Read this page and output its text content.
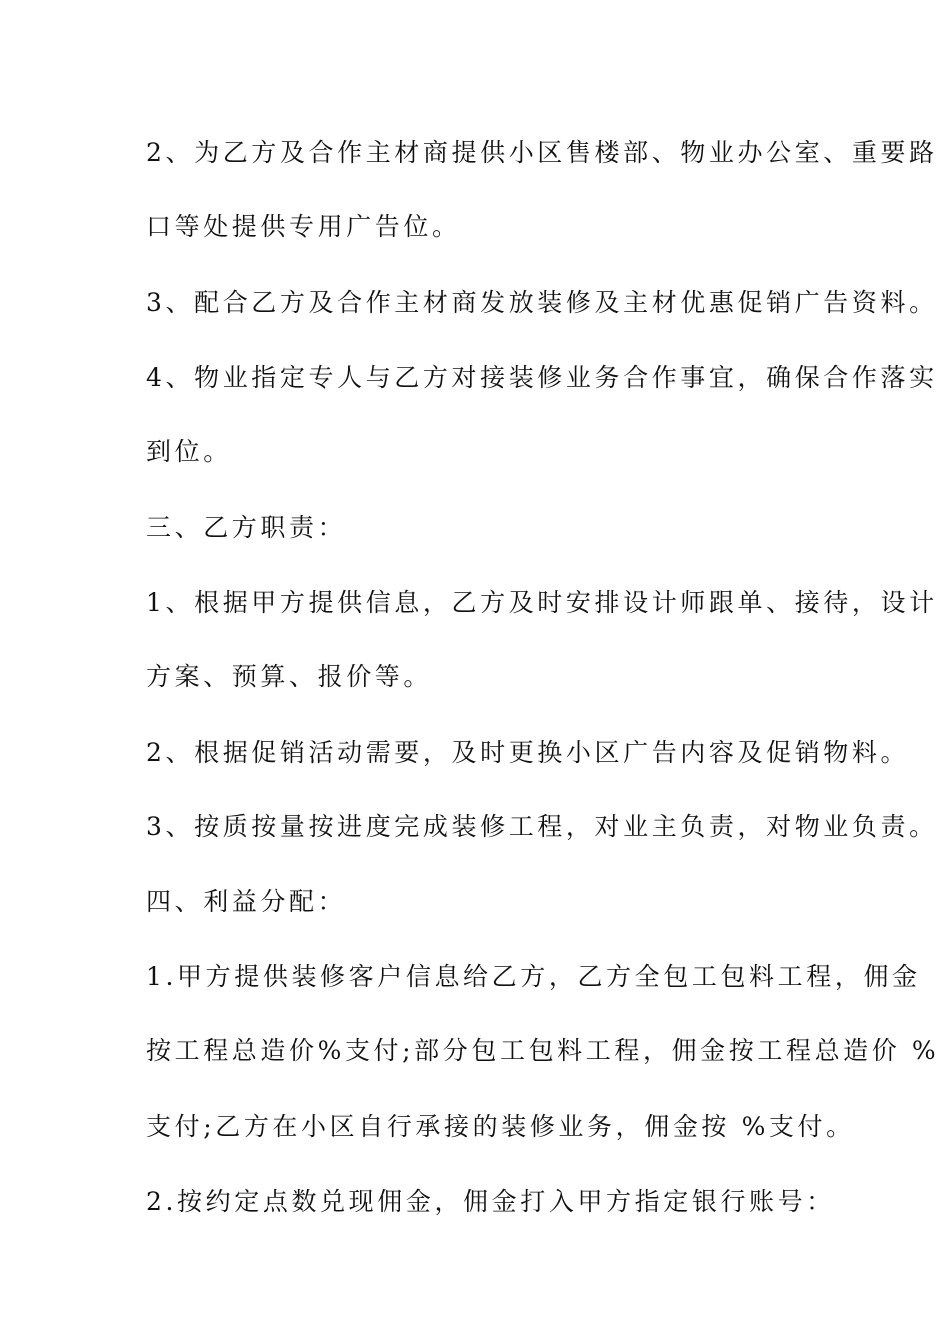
2、为乙方及合作主材商提供小区售楼部、物业办公室、重要路
口等处提供专用广告位。
3、配合乙方及合作主材商发放装修及主材优惠促销广告资料。
4、物业指定专人与乙方对接装修业务合作事宜，确保合作落实
到位。
三、乙方职责：
1、根据甲方提供信息，乙方及时安排设计师跟单、接待，设计
方案、预算、报价等。
2、根据促销活动需要，及时更换小区广告内容及促销物料。
3、按质按量按进度完成装修工程，对业主负责，对物业负责。
四、利益分配：
1.甲方提供装修客户信息给乙方，乙方全包工包料工程，佣金
按工程总造价%支付;部分包工包料工程，佣金按工程总造价 %
支付;乙方在小区自行承接的装修业务，佣金按 %支付。
2.按约定点数兑现佣金，佣金打入甲方指定银行账号：
